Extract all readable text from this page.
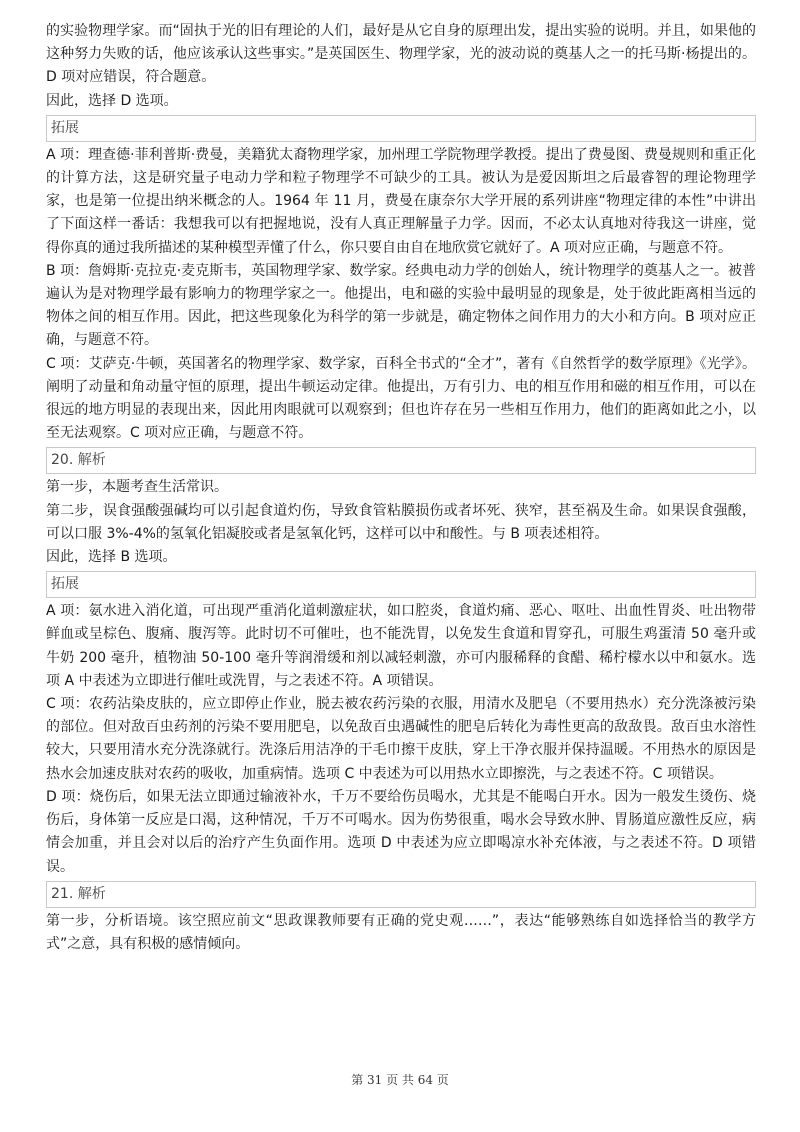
的实验物理学家。而“固执于光的旧有理论的人们，最好是从它自身的原理出发，提出实验的说明。并且，如果他的这种努力失败的话，他应该承认这些事实。”是英国医生、物理学家，光的波动说的奠基人之一的托马斯·杨提出的。D 项对应错误，符合题意。

因此，选择 D 选项。

拓展

A 项：理查德·菲利普斯·费曼，美籍犹太裔物理学家，加州理工学院物理学教授。提出了费曼图、费曼规则和重正化的计算方法，这是研究量子电动力学和粒子物理学不可缺少的工具。被认为是爱因斯坦之后最睿智的理论物理学家，也是第一位提出纳米概念的人。1964 年 11 月，费曼在康奈尔大学开展的系列讲座“物理定律的本性”中讲出了下面这样一番话：我想我可以有把握地说，没有人真正理解量子力学。因而，不必太认真地对待我这一讲座，觉得你真的通过我所描述的某种模型弄懂了什么，你只要自由自在地欣赏它就好了。A 项对应正确，与题意不符。

B 项：詹姆斯·克拉克·麦克斯韦，英国物理学家、数学家。经典电动力学的创始人，统计物理学的奠基人之一。被普遍认为是对物理学最有影响力的物理学家之一。他提出，电和磁的实验中最明显的现象是，处于彼此距离相当远的物体之间的相互作用。因此，把这些现象化为科学的第一步就是，确定物体之间作用力的大小和方向。B 项对应正确，与题意不符。

C 项：艾萨克·牛顿，英国著名的物理学家、数学家，百科全书式的“全才”，著有《自然哲学的数学原理》《光学》。阐明了动量和角动量守恒的原理，提出牛顿运动定律。他提出，万有引力、电的相互作用和磁的相互作用，可以在很远的地方明显的表现出来，因此用肉眼就可以观察到；但也许存在另一些相互作用力，他们的距离如此之小，以至无法观察。C 项对应正确，与题意不符。

20. 解析

第一步，本题考查生活常识。

第二步，误食强酸强碱均可以引起食道灼伤，导致食管粘膜损伤或者坏死、狭窄，甚至祸及生命。如果误食强酸，可以口服 3%-4%的氢氧化铝凝胶或者是氢氧化钙，这样可以中和酸性。与 B 项表述相符。

因此，选择 B 选项。

拓展

A 项：氨水进入消化道，可出现严重消化道刺激症状，如口腔炎，食道灼痛、恶心、呕吐、出血性胃炎、吐出物带鲜血或呈棕色、腹痛、腹泻等。此时切不可催吐，也不能洗胃，以免发生食道和胃穿孔，可服生鸡蛋清 50 毫升或牛奶 200 毫升，植物油 50-100 毫升等润滑缓和剂以减轻刺激，亦可内服稀释的食醋、稀柠檬水以中和氨水。选项 A 中表述为立即进行催吐或洗胃，与之表述不符。A 项错误。

C 项：农药沾染皮肤的，应立即停止作业，脱去被农药污染的衣服，用清水及肥皂（不要用热水）充分洗涤被污染的部位。但对敌百虫药剂的污染不要用肥皂，以免敌百虫遇碱性的肥皂后转化为毒性更高的敌敌畏。敌百虫水溶性较大，只要用清水充分洗涤就行。洗涤后用洁净的干毛巾擦干皮肤，穿上干净衣服并保持温暖。不用热水的原因是热水会加速皮肤对农药的吸收，加重病情。选项 C 中表述为可以用热水立即擦洗，与之表述不符。C 项错误。

D 项：烧伤后，如果无法立即通过输液补水，千万不要给伤员喝水，尤其是不能喝白开水。因为一般发生烫伤、烧伤后，身体第一反应是口渴，这种情况，千万不可喝水。因为伤势很重，喝水会导致水肿、胃肠道应激性反应，病情会加重，并且会对以后的治疗产生负面作用。选项 D 中表述为应立即喝凉水补充体液，与之表述不符。D 项错误。

21. 解析

第一步，分析语境。该空照应前文“思政课教师要有正确的党史观……”，表达“能够熟练自如选择恰当的教学方式”之意，具有积极的感情倾向。

第 31 页 共 64 页
